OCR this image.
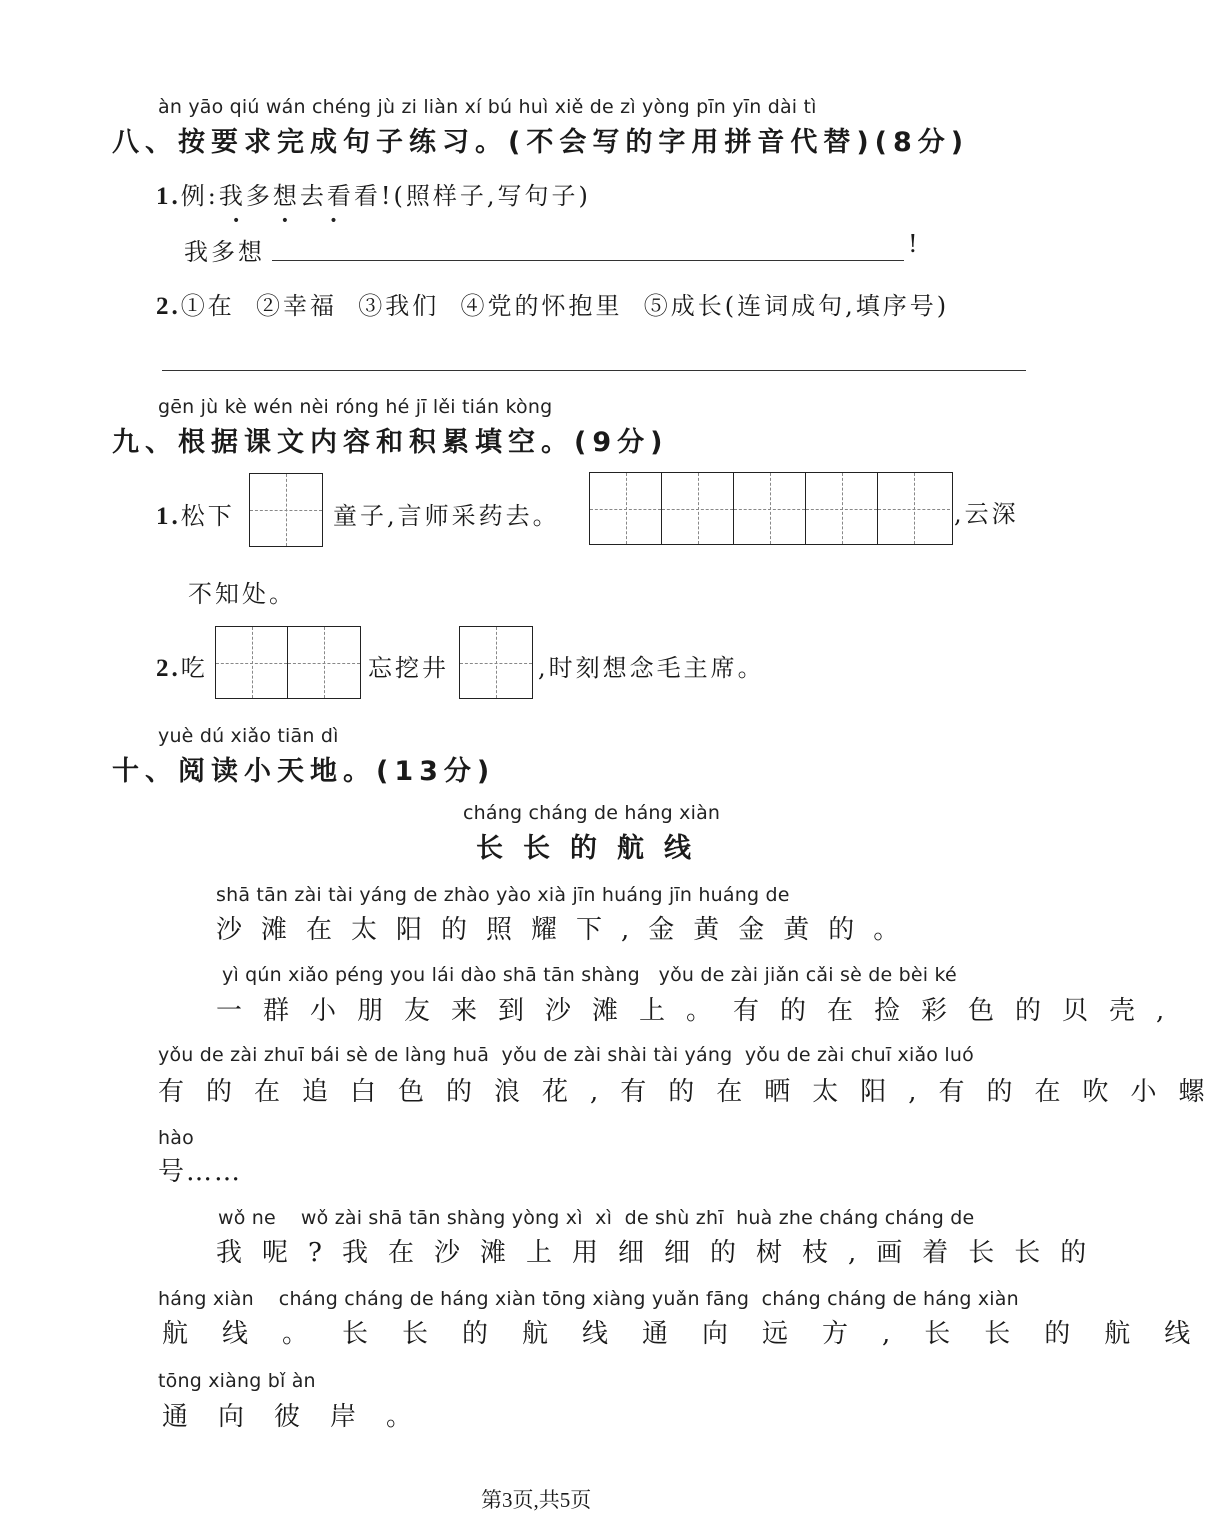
àn yāo qiú wán chéng jù zi liàn xí bú huì xiě de zì yòng pīn yīn dài tì
八、按要求完成句子练习。(不会写的字用拼音代替)(8分)
1.例:我多想去看看!(照样子,写句子)
• • •
我多想	!
2.①在  ②幸福  ③我们  ④党的怀抱里  ⑤成长(连词成句,填序号)
gēn jù kè wén nèi róng hé jī lěi tián kòng
九、根据课文内容和积累填空。(9分)
1.松下	童子,言师采药去。	,云深
不知处。
2.吃	忘挖井	,时刻想念毛主席。
yuè dú xiǎo tiān dì
十、阅读小天地。(13分)
cháng cháng de háng xiàn
长长的航线
shā tān zài tài yáng de zhào yào xià jīn huáng jīn huáng de
沙滩在太阳的照耀下,金黄金黄的。
yì qún xiǎo péng you lái dào shā tān shàng   yǒu de zài jiǎn cǎi sè de bèi ké
一群小朋友来到沙滩上。有的在捡彩色的贝壳,
yǒu de zài zhuī bái sè de làng huā  yǒu de zài shài tài yáng  yǒu de zài chuī xiǎo luó
有的在追白色的浪花,有的在晒太阳,有的在吹小螺
hào
号……
wǒ ne    wǒ zài shā tān shàng yòng xì  xì  de shù zhī  huà zhe cháng cháng de
我呢?我在沙滩上用细细的树枝,画着长长的
háng xiàn    cháng cháng de háng xiàn tōng xiàng yuǎn fāng  cháng cháng de háng xiàn
航线。长长的航线通向远方,长长的航线
tōng xiàng bǐ àn
通向彼岸。
第3页,共5页
